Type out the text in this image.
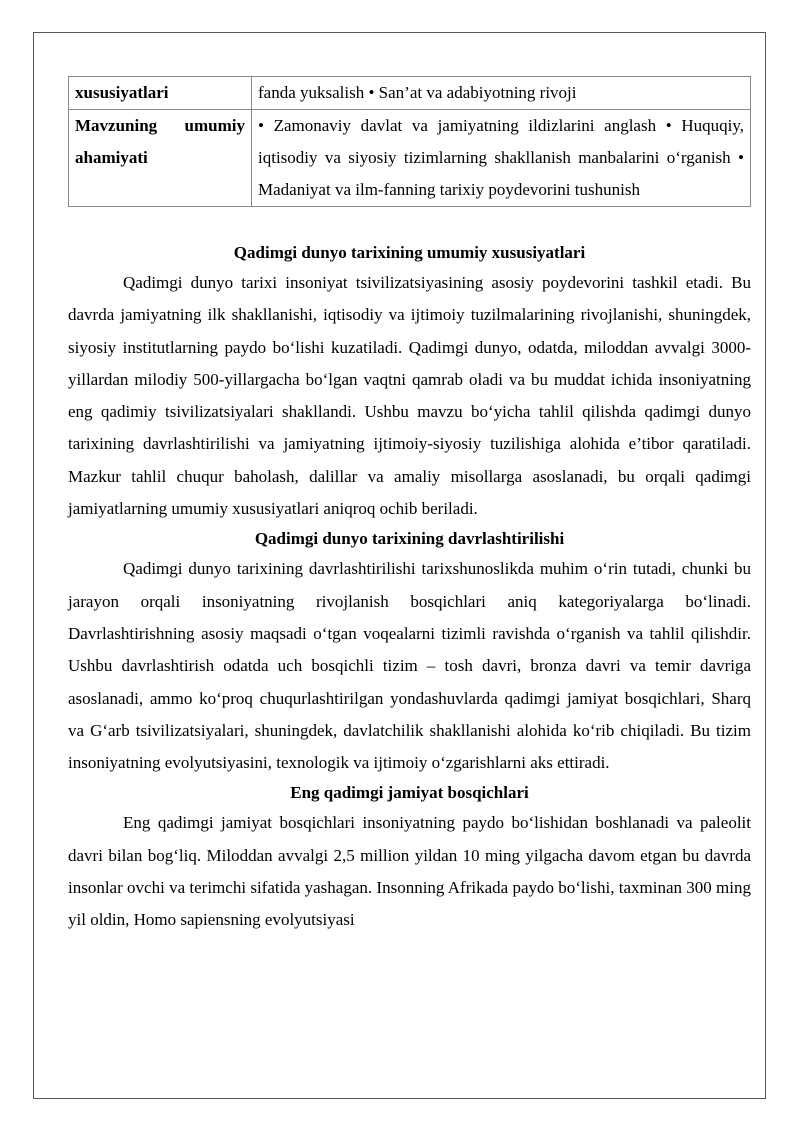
xususiyatlari	fanda yuksalish • San’at va adabiyotning rivoji
Mavzuning umumiy ahamiyati	• Zamonaviy davlat va jamiyatning ildizlarini anglash • Huquqiy, iqtisodiy va siyosiy tizimlarning shakllanish manbalarini o‘rganish • Madaniyat va ilm-fanning tarixiy poydevorini tushunish
Qadimgi dunyo tarixining umumiy xususiyatlari

Qadimgi dunyo tarixi insoniyat tsivilizatsiyasining asosiy poydevorini tashkil etadi. Bu davrda jamiyatning ilk shakllanishi, iqtisodiy va ijtimoiy tuzilmalarining rivojlanishi, shuningdek, siyosiy institutlarning paydo bo‘lishi kuzatiladi. Qadimgi dunyo, odatda, miloddan avvalgi 3000-yillardan milodiy 500-yillargacha bo‘lgan vaqtni qamrab oladi va bu muddat ichida insoniyatning eng qadimiy tsivilizatsiyalari shakllandi. Ushbu mavzu bo‘yicha tahlil qilishda qadimgi dunyo tarixining davrlashtirilishi va jamiyatning ijtimoiy-siyosiy tuzilishiga alohida e’tibor qaratiladi. Mazkur tahlil chuqur baholash, dalillar va amaliy misollarga asoslanadi, bu orqali qadimgi jamiyatlarning umumiy xususiyatlari aniqroq ochib beriladi.

Qadimgi dunyo tarixining davrlashtirilishi

Qadimgi dunyo tarixining davrlashtirilishi tarixshunoslikda muhim o‘rin tutadi, chunki bu jarayon orqali insoniyatning rivojlanish bosqichlari aniq kategoriyalarga bo‘linadi. Davrlashtirishning asosiy maqsadi o‘tgan voqealarni tizimli ravishda o‘rganish va tahlil qilishdir. Ushbu davrlashtirish odatda uch bosqichli tizim – tosh davri, bronza davri va temir davriga asoslanadi, ammo ko‘proq chuqurlashtirilgan yondashuvlarda qadimgi jamiyat bosqichlari, Sharq va G‘arb tsivilizatsiyalari, shuningdek, davlatchilik shakllanishi alohida ko‘rib chiqiladi. Bu tizim insoniyatning evolyutsiyasini, texnologik va ijtimoiy o‘zgarishlarni aks ettiradi.

Eng qadimgi jamiyat bosqichlari

Eng qadimgi jamiyat bosqichlari insoniyatning paydo bo‘lishidan boshlanadi va paleolit davri bilan bog‘liq. Miloddan avvalgi 2,5 million yildan 10 ming yilgacha davom etgan bu davrda insonlar ovchi va terimchi sifatida yashagan. Insonning Afrikada paydo bo‘lishi, taxminan 300 ming yil oldin, Homo sapiensning evolyutsiyasi
